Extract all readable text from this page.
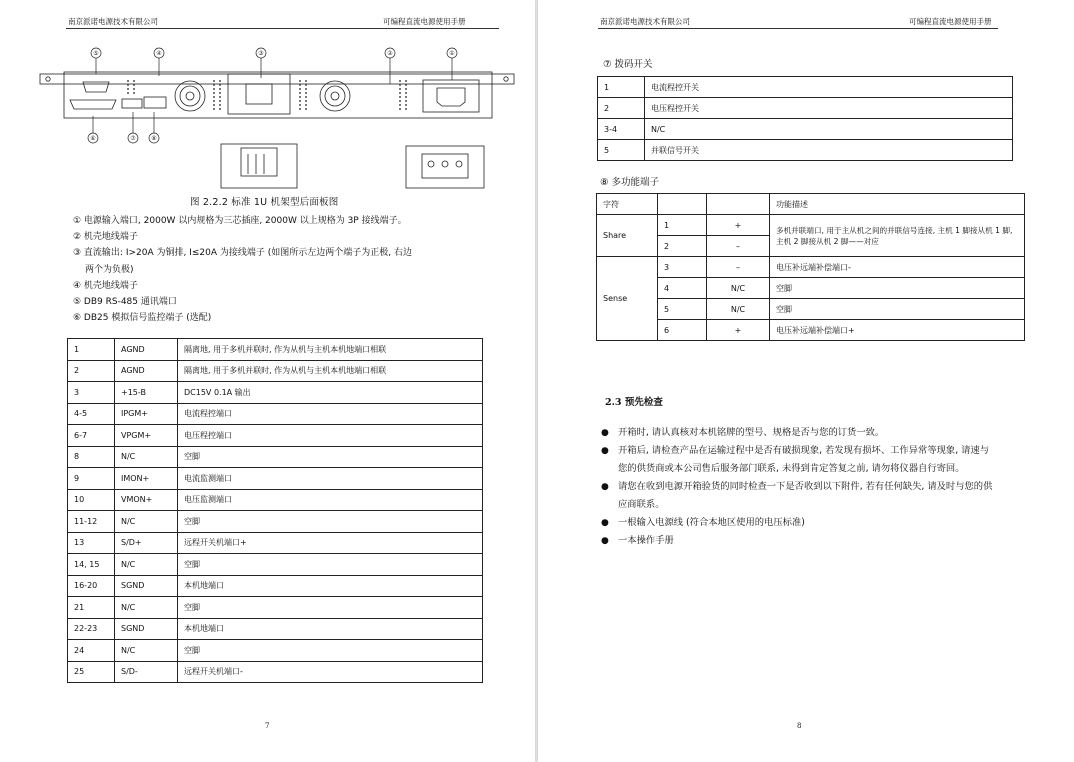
南京派诺电源技术有限公司	可编程直流电源使用手册
⑤	④	③	②	①
⑥	⑦	⑧
图 2.2.2 标准 1U 机架型后面板图
① 电源输入端口, 2000W 以内规格为三芯插座, 2000W 以上规格为 3P 接线端子。
② 机壳地线端子
③ 直流输出: I>20A 为铜排, I≤20A 为接线端子 (如图所示左边两个端子为正极, 右边
两个为负极)
④ 机壳地线端子
⑤ DB9 RS-485 通讯端口
⑥ DB25 模拟信号监控端子 (选配)
1	AGND	隔离地, 用于多机并联时, 作为从机与主机本机地端口相联
2	AGND	隔离地, 用于多机并联时, 作为从机与主机本机地端口相联
3	+15-B	DC15V 0.1A 输出
4-5	IPGM+	电流程控端口
6-7	VPGM+	电压程控端口
8	N/C	空脚
9	IMON+	电流监测端口
10	VMON+	电压监测端口
11-12	N/C	空脚
13	S/D+	远程开关机端口+
14, 15	N/C	空脚
16-20	SGND	本机地端口
21	N/C	空脚
22-23	SGND	本机地端口
24	N/C	空脚
25	S/D-	远程开关机端口-
7
南京派诺电源技术有限公司	可编程直流电源使用手册
8
⑦ 拨码开关
1	电流程控开关
2	电压程控开关
3-4	N/C
5	并联信号开关
⑧ 多功能端子
字符			功能描述
Share	1	+	多机并联端口, 用于主从机之间的并联信号连接, 主机 1 脚接从机 1 脚, 主机 2 脚接从机 2 脚——对应
	2	–	
Sense	3	–	电压补远端补偿端口-
	4	N/C	空脚
	5	N/C	空脚
	6	+	电压补远端补偿端口+
2.3 预先检查
● 开箱时, 请认真核对本机铭牌的型号、规格是否与您的订货一致。
● 开箱后, 请检查产品在运输过程中是否有破损现象, 若发现有损坏、工作异常等现象, 请速与您的供货商或本公司售后服务部门联系, 未得到肯定答复之前, 请勿将仪器自行寄回。
● 请您在收到电源开箱验货的同时检查一下是否收到以下附件, 若有任何缺失, 请及时与您的供应商联系。
● 一根输入电源线 (符合本地区使用的电压标准)
● 一本操作手册
